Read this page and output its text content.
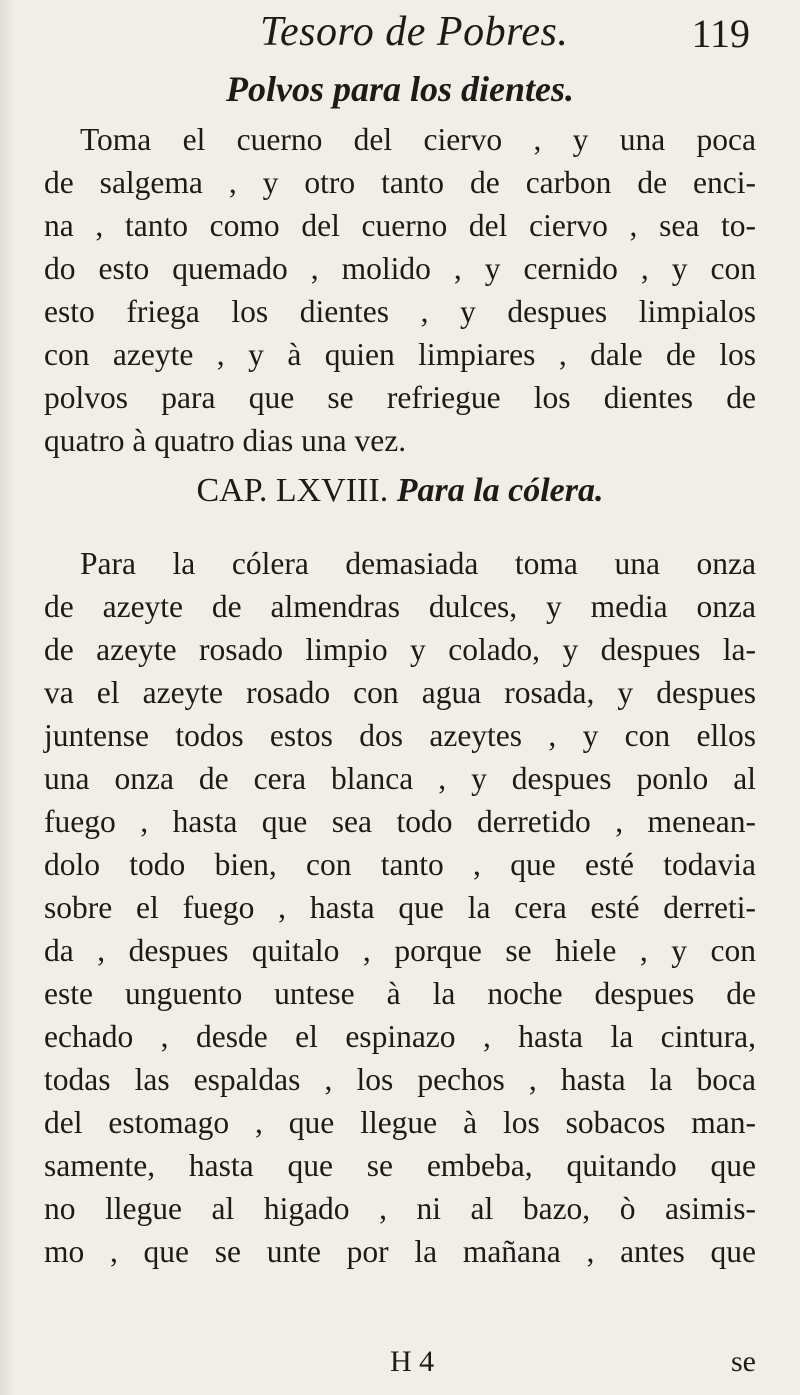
Tesoro de Pobres.	119
Polvos para los dientes.
Toma el cuerno del ciervo , y una poca
de salgema , y otro tanto de carbon de enci-
na , tanto como del cuerno del ciervo , sea to-
do esto quemado , molido , y cernido , y con
esto friega los dientes , y despues limpialos
con azeyte , y à quien limpiares , dale de los
polvos para que se refriegue los dientes de
quatro à quatro dias una vez.
CAP. LXVIII. Para la cólera.
Para la cólera demasiada toma una onza
de azeyte de almendras dulces, y media onza
de azeyte rosado limpio y colado, y despues la-
va el azeyte rosado con agua rosada, y despues
juntense todos estos dos azeytes , y con ellos
una onza de cera blanca , y despues ponlo al
fuego , hasta que sea todo derretido , menean-
dolo todo bien, con tanto , que esté todavia
sobre el fuego , hasta que la cera esté derreti-
da , despues quitalo , porque se hiele , y con
este unguento untese à la noche despues de
echado , desde el espinazo , hasta la cintura,
todas las espaldas , los pechos , hasta la boca
del estomago , que llegue à los sobacos man-
samente, hasta que se embeba, quitando que
no llegue al higado , ni al bazo, ò asimis-
mo , que se unte por la mañana , antes que
H 4	se
